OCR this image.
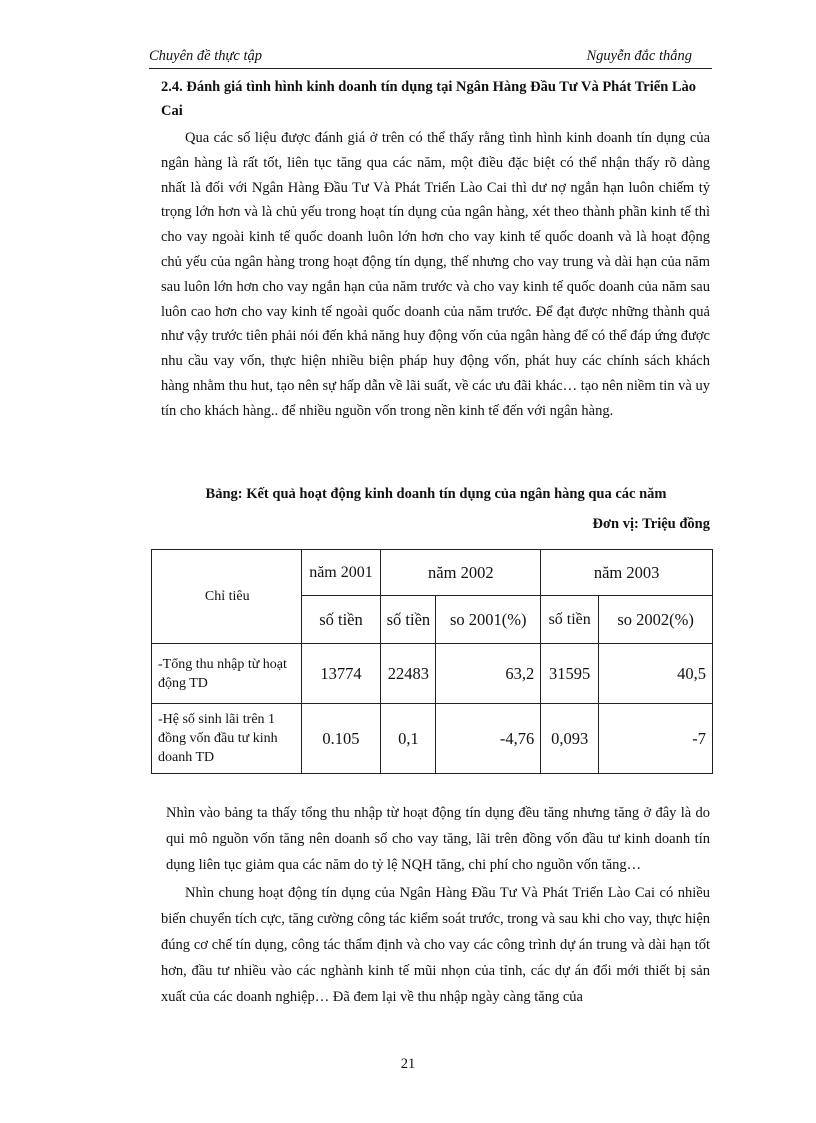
Chuyên đề thực tập	Nguyễn đắc thắng
2.4. Đánh giá tình hình kinh doanh tín dụng tại Ngân Hàng Đầu Tư Và Phát Triển Lào Cai
Qua các số liệu được đánh giá ở trên có thể thấy rằng tình hình kinh doanh tín dụng của ngân hàng là rất tốt, liên tục tăng qua các năm, một điều đặc biệt có thể nhận thấy rõ dàng nhất là đối với Ngân Hàng Đầu Tư Và Phát Triển Lào Cai thì dư nợ ngắn hạn luôn chiếm tỷ trọng lớn hơn và là chủ yếu trong hoạt tín dụng của ngân hàng, xét theo thành phần kinh tế thì cho vay ngoài kinh tế quốc doanh luôn lớn hơn cho vay kinh tế quốc doanh và là hoạt động chủ yếu của ngân hàng trong hoạt động tín dụng, thế nhưng cho vay trung và dài hạn của năm sau luôn lớn hơn cho vay ngắn hạn của năm trước và cho vay kinh tế quốc doanh của năm sau luôn cao hơn cho vay kinh tế ngoài quốc doanh của năm trước. Để đạt được những thành quả như vậy trước tiên phải nói đến khả năng huy động vốn của ngân hàng để có thể đáp ứng được nhu cầu vay vốn, thực hiện nhiều biện pháp huy động vốn, phát huy các chính sách khách hàng nhằm thu hut, tạo nên sự hấp dẫn về lãi suất, về các ưu đãi khác… tạo nên niềm tin và uy tín cho khách hàng.. để nhiều nguồn vốn trong nền kinh tế đến với ngân hàng.
Bảng: Kết quả hoạt động kinh doanh tín dụng của ngân hàng qua các năm
Đơn vị: Triệu đồng
Chỉ tiêu	năm 2001	năm 2002		năm 2003	
	số tiền	số tiền	so 2001(%)	số tiền	so 2002(%)
-Tổng thu nhập từ hoạt động TD	13774	22483	63,2	31595	40,5
-Hệ số sinh lãi trên 1 đồng vốn đầu tư kinh doanh TD	0.105	0,1	-4,76	0,093	-7
Nhìn vào bảng ta thấy tổng thu nhập từ hoạt động tín dụng đều tăng nhưng tăng ở đây là do qui mô nguồn vốn tăng nên doanh số cho vay tăng, lãi trên đồng vốn đầu tư kinh doanh tín dụng liên tục giảm qua các năm do tỷ lệ NQH tăng, chi phí cho nguồn vốn tăng…
Nhìn chung hoạt động tín dụng của Ngân Hàng Đầu Tư Và Phát Triển Lào Cai có nhiều biến chuyển tích cực, tăng cường công tác kiểm soát trước, trong và sau khi cho vay, thực hiện đúng cơ chế tín dụng, công tác thẩm định và cho vay các công trình dự án trung và dài hạn tốt hơn, đầu tư nhiều vào các nghành kinh tế mũi nhọn của tỉnh, các dự án đổi mới thiết bị sản xuất của các doanh nghiệp… Đã đem lại về thu nhập ngày càng tăng của
21
